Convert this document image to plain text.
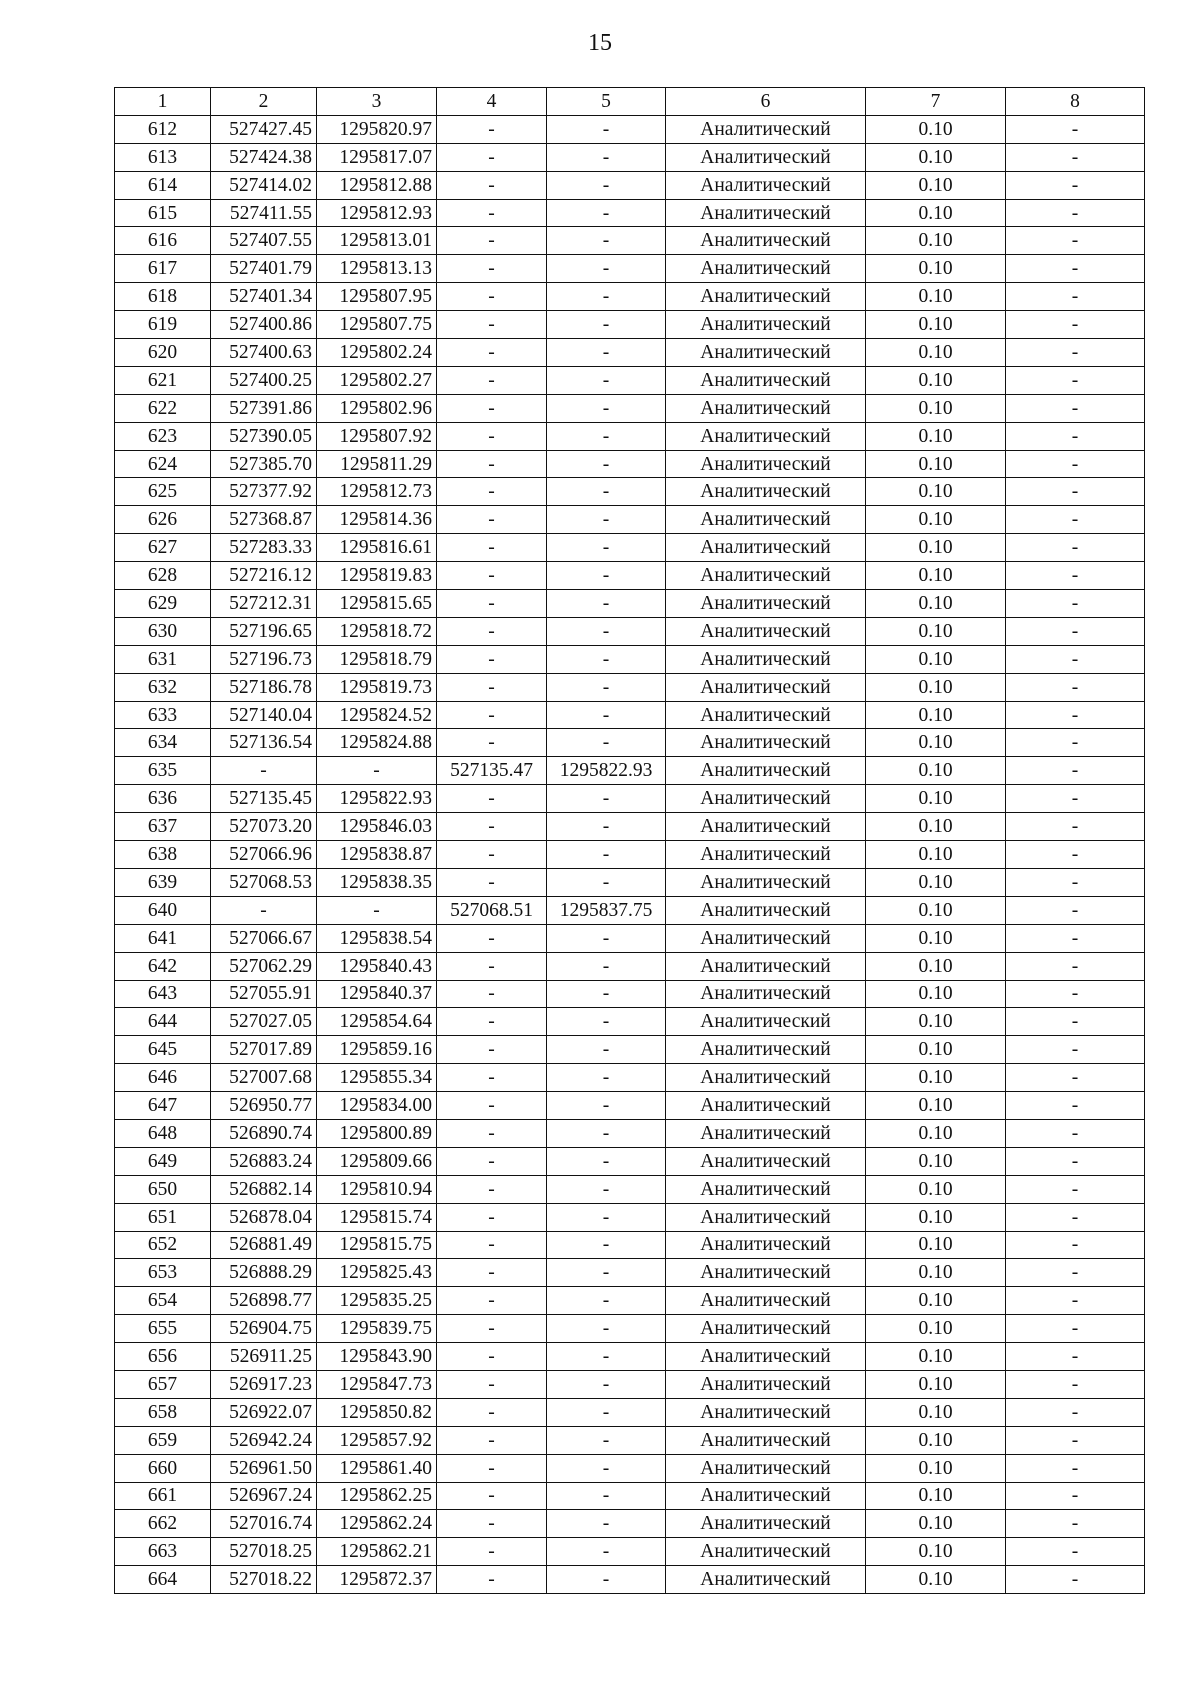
15
1	2	3	4	5	6	7	8
612	527427.45	1295820.97	-	-	Аналитический	0.10	-
613	527424.38	1295817.07	-	-	Аналитический	0.10	-
614	527414.02	1295812.88	-	-	Аналитический	0.10	-
615	527411.55	1295812.93	-	-	Аналитический	0.10	-
616	527407.55	1295813.01	-	-	Аналитический	0.10	-
617	527401.79	1295813.13	-	-	Аналитический	0.10	-
618	527401.34	1295807.95	-	-	Аналитический	0.10	-
619	527400.86	1295807.75	-	-	Аналитический	0.10	-
620	527400.63	1295802.24	-	-	Аналитический	0.10	-
621	527400.25	1295802.27	-	-	Аналитический	0.10	-
622	527391.86	1295802.96	-	-	Аналитический	0.10	-
623	527390.05	1295807.92	-	-	Аналитический	0.10	-
624	527385.70	1295811.29	-	-	Аналитический	0.10	-
625	527377.92	1295812.73	-	-	Аналитический	0.10	-
626	527368.87	1295814.36	-	-	Аналитический	0.10	-
627	527283.33	1295816.61	-	-	Аналитический	0.10	-
628	527216.12	1295819.83	-	-	Аналитический	0.10	-
629	527212.31	1295815.65	-	-	Аналитический	0.10	-
630	527196.65	1295818.72	-	-	Аналитический	0.10	-
631	527196.73	1295818.79	-	-	Аналитический	0.10	-
632	527186.78	1295819.73	-	-	Аналитический	0.10	-
633	527140.04	1295824.52	-	-	Аналитический	0.10	-
634	527136.54	1295824.88	-	-	Аналитический	0.10	-
635	-	-	527135.47	1295822.93	Аналитический	0.10	-
636	527135.45	1295822.93	-	-	Аналитический	0.10	-
637	527073.20	1295846.03	-	-	Аналитический	0.10	-
638	527066.96	1295838.87	-	-	Аналитический	0.10	-
639	527068.53	1295838.35	-	-	Аналитический	0.10	-
640	-	-	527068.51	1295837.75	Аналитический	0.10	-
641	527066.67	1295838.54	-	-	Аналитический	0.10	-
642	527062.29	1295840.43	-	-	Аналитический	0.10	-
643	527055.91	1295840.37	-	-	Аналитический	0.10	-
644	527027.05	1295854.64	-	-	Аналитический	0.10	-
645	527017.89	1295859.16	-	-	Аналитический	0.10	-
646	527007.68	1295855.34	-	-	Аналитический	0.10	-
647	526950.77	1295834.00	-	-	Аналитический	0.10	-
648	526890.74	1295800.89	-	-	Аналитический	0.10	-
649	526883.24	1295809.66	-	-	Аналитический	0.10	-
650	526882.14	1295810.94	-	-	Аналитический	0.10	-
651	526878.04	1295815.74	-	-	Аналитический	0.10	-
652	526881.49	1295815.75	-	-	Аналитический	0.10	-
653	526888.29	1295825.43	-	-	Аналитический	0.10	-
654	526898.77	1295835.25	-	-	Аналитический	0.10	-
655	526904.75	1295839.75	-	-	Аналитический	0.10	-
656	526911.25	1295843.90	-	-	Аналитический	0.10	-
657	526917.23	1295847.73	-	-	Аналитический	0.10	-
658	526922.07	1295850.82	-	-	Аналитический	0.10	-
659	526942.24	1295857.92	-	-	Аналитический	0.10	-
660	526961.50	1295861.40	-	-	Аналитический	0.10	-
661	526967.24	1295862.25	-	-	Аналитический	0.10	-
662	527016.74	1295862.24	-	-	Аналитический	0.10	-
663	527018.25	1295862.21	-	-	Аналитический	0.10	-
664	527018.22	1295872.37	-	-	Аналитический	0.10	-
